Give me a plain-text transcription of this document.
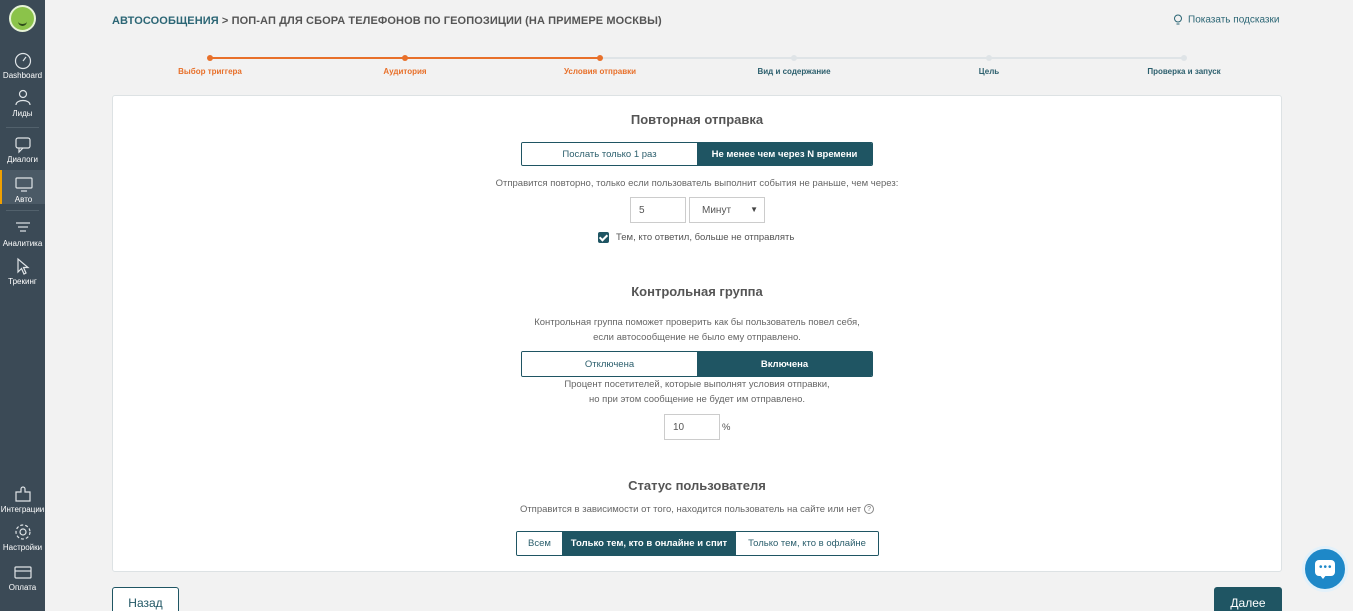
Dashboard
Лиды
Диалоги
Авто
Аналитика
Трекинг
Интеграции
Настройки
Оплата
АВТОСООБЩЕНИЯ > ПОП-АП ДЛЯ СБОРА ТЕЛЕФОНОВ ПО ГЕОПОЗИЦИИ (НА ПРИМЕРЕ МОСКВЫ)	Показать подсказки
Выбор триггера	Аудитория	Условия отправки	Вид и содержание	Цель	Проверка и запуск
Повторная отправка
Послать только 1 раз	Не менее чем через N времени
Отправится повторно, только если пользователь выполнит события не раньше, чем через:
5	Минут ▼
Тем, кто ответил, больше не отправлять
Контрольная группа
Контрольная группа поможет проверить как бы пользователь повел себя,
если автосообщение не было ему отправлено.
Отключена	Включена
Процент посетителей, которые выполнят условия отправки,
но при этом сообщение не будет им отправлено.
10	%
Статус пользователя
Отправится в зависимости от того, находится пользователь на сайте или нет ?
Всем	Только тем, кто в онлайне и спит	Только тем, кто в офлайне
Назад	Далее
•••
